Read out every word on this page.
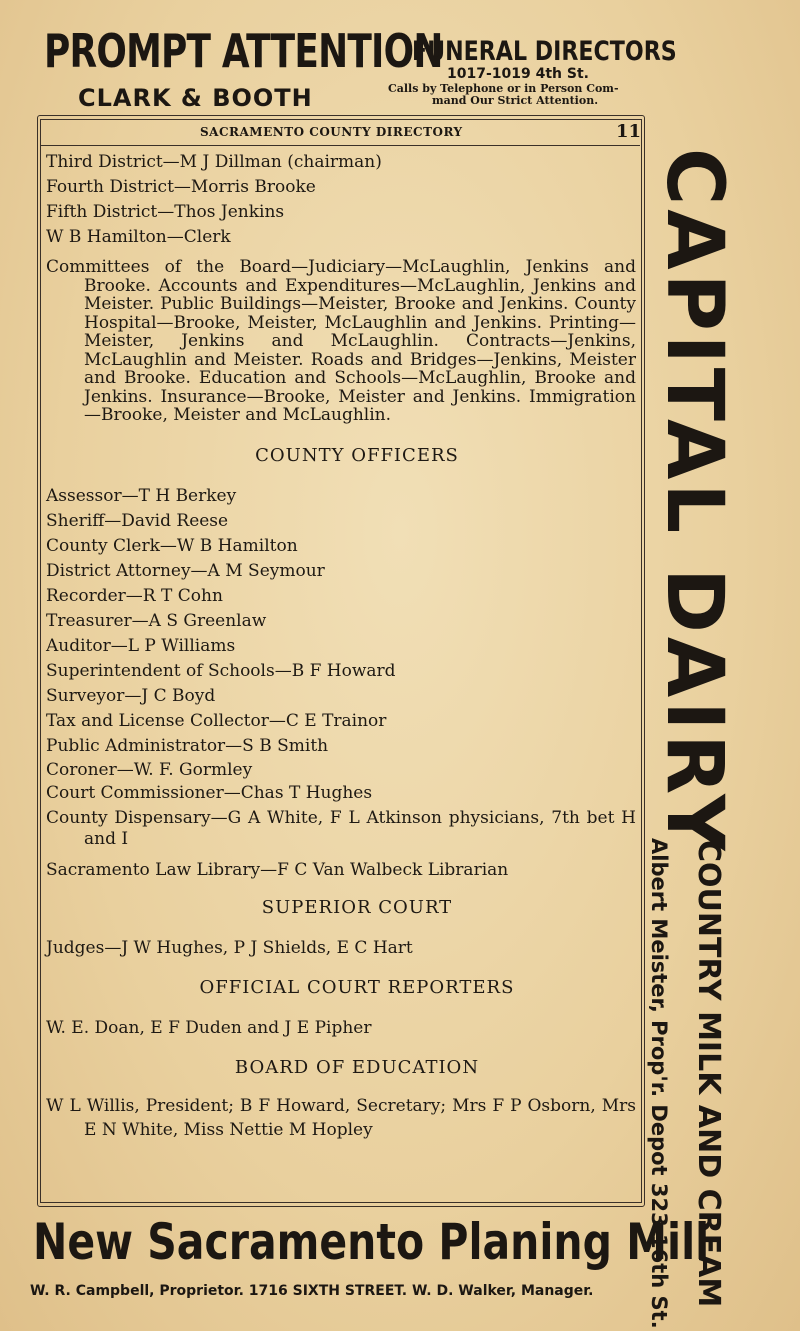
PROMPT ATTENTION
CLARK & BOOTH
FUNERAL DIRECTORS
1017-1019 4th St.
Calls by Telephone or in Person Com-
mand Our Strict Attention.
SACRAMENTO COUNTY DIRECTORY	11
Third District—M J Dillman (chairman)
Fourth District—Morris Brooke
Fifth District—Thos Jenkins
W B Hamilton—Clerk
Committees of the Board—Judiciary—McLaughlin, Jenkins and Brooke. Accounts and Expenditures—McLaughlin, Jenkins and Meister. Public Buildings—Meister, Brooke and Jenkins. County Hospital—Brooke, Meister, McLaughlin and Jenkins. Printing—Meister, Jenkins and McLaughlin. Contracts—Jenkins, McLaughlin and Meister. Roads and Bridges—Jenkins, Meister and Brooke. Education and Schools—McLaughlin, Brooke and Jenkins. Insurance—Brooke, Meister and Jenkins. Immigration—Brooke, Meister and McLaughlin.
COUNTY OFFICERS
Assessor—T H Berkey
Sheriff—David Reese
County Clerk—W B Hamilton
District Attorney—A M Seymour
Recorder—R T Cohn
Treasurer—A S Greenlaw
Auditor—L P Williams
Superintendent of Schools—B F Howard
Surveyor—J C Boyd
Tax and License Collector—C E Trainor
Public Administrator—S B Smith
Coroner—W. F. Gormley
Court Commissioner—Chas T Hughes
County Dispensary—G A White, F L Atkinson physicians, 7th bet H and I
Sacramento Law Library—F C Van Walbeck Librarian
SUPERIOR COURT
Judges—J W Hughes, P J Shields, E C Hart
OFFICIAL COURT REPORTERS
W. E. Doan, E F Duden and J E Pipher
BOARD OF EDUCATION
W L Willis, President; B F Howard, Secretary; Mrs F P Osborn, Mrs E N White, Miss Nettie M Hopley
CAPITAL DAIRY
COUNTRY MILK AND CREAM
Albert Meister, Prop'r. Depot 323 16th St.
New Sacramento Planing Mill
W. R. Campbell, Proprietor. 1716 SIXTH STREET. W. D. Walker, Manager.
